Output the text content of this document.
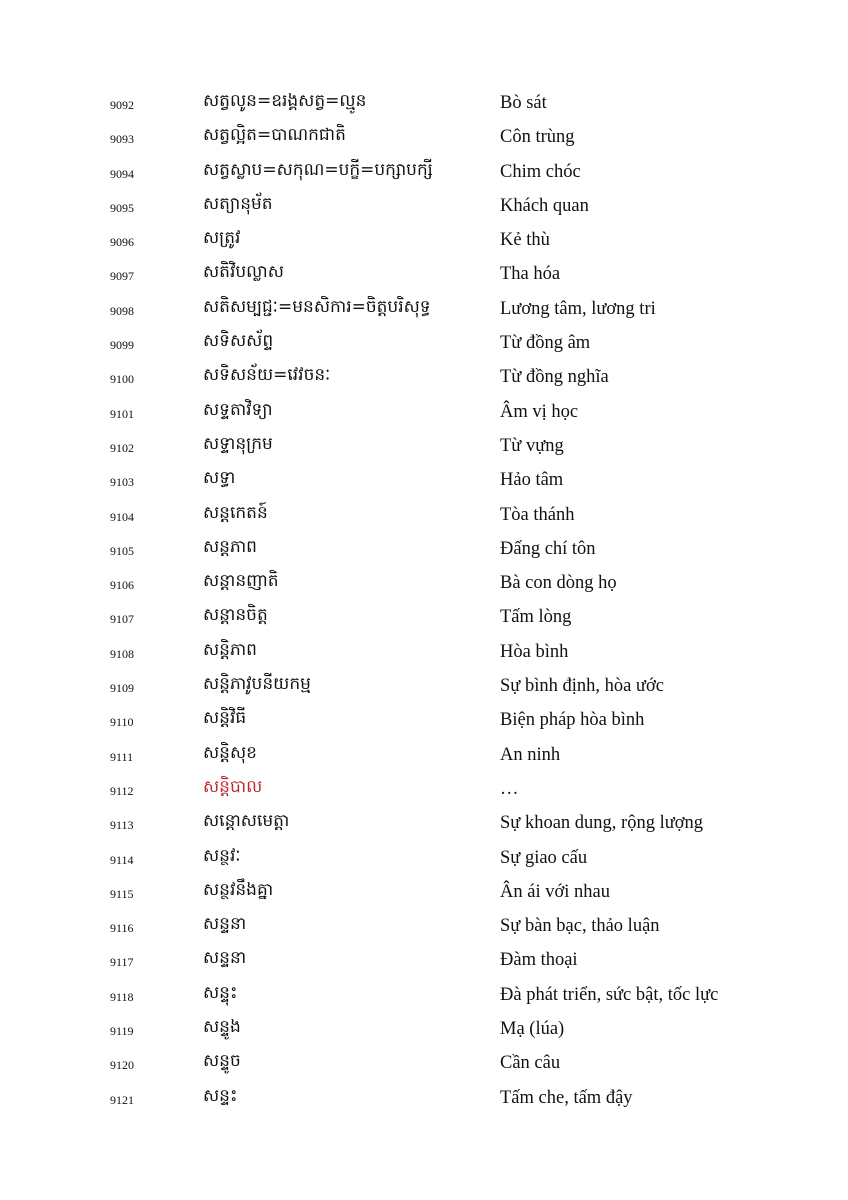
9092	សត្វលូន=ឧរង្គសត្វ=ល្មូន	Bò sát
9093	សត្វល្អិត=បាណកជាតិ	Côn trùng
9094	សត្វស្លាប=សកុណ=បក្ខី=បក្សាបក្សី	Chim chóc
9095	សត្យានុម័ត	Khách quan
9096	សត្រូវ	Kẻ thù
9097	សតិវិបល្លាស	Tha hóa
9098	សតិសម្បជ្ជៈ=មនសិការ=ចិត្តបរិសុទ្ធ	Lương tâm, lương tri
9099	សទិសស័ព្ទ	Từ đồng âm
9100	សទិសន័យ=វេវចនៈ	Từ đồng nghĩa
9101	សទ្ទតាវិទ្យា	Âm vị học
9102	សទ្ទានុក្រម	Từ vựng
9103	សទ្ធា	Hảo tâm
9104	សន្តកេតន៍	Tòa thánh
9105	សន្តភាព	Đấng chí tôn
9106	សន្តានញាតិ	Bà con dòng họ
9107	សន្តានចិត្ត	Tấm lòng
9108	សន្តិភាព	Hòa bình
9109	សន្តិភាវូបនីយកម្ម	Sự bình định, hòa ước
9110	សន្តិវិធី	Biện pháp hòa bình
9111	សន្តិសុខ	An ninh
9112	សន្តិបាល	…
9113	សន្តោសមេត្តា	Sự khoan dung, rộng lượng
9114	សន្ថវៈ	Sự giao cấu
9115	សន្ថវនឹងគ្នា	Ân ái với nhau
9116	សន្ទនា	Sự bàn bạc, thảo luận
9117	សន្ទនា	Đàm thoại
9118	សន្ទុះ	Đà phát triển, sức bật, tốc lực
9119	សន្ទូង	Mạ (lúa)
9120	សន្ទូច	Cần câu
9121	សន្ទះ	Tấm che, tấm đậy
